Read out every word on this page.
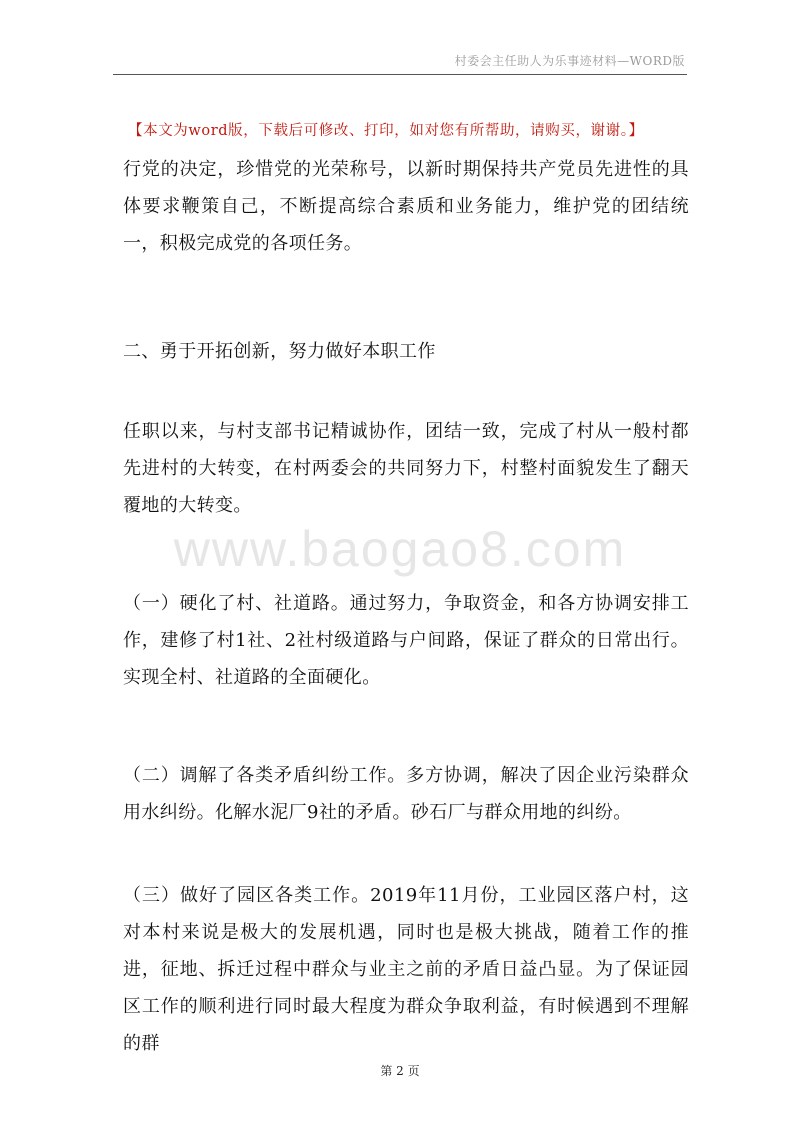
村委会主任助人为乐事迹材料—WORD版
【本文为word版，下载后可修改、打印，如对您有所帮助，请购买，谢谢。】

行党的决定，珍惜党的光荣称号，以新时期保持共产党员先进性的具体要求鞭策自己，不断提高综合素质和业务能力，维护党的团结统一，积极完成党的各项任务。

二、勇于开拓创新，努力做好本职工作

任职以来，与村支部书记精诚协作，团结一致，完成了村从一般村都先进村的大转变，在村两委会的共同努力下，村整村面貌发生了翻天覆地的大转变。

（一）硬化了村、社道路。通过努力，争取资金，和各方协调安排工作，建修了村1社、2社村级道路与户间路，保证了群众的日常出行。实现全村、社道路的全面硬化。

（二）调解了各类矛盾纠纷工作。多方协调，解决了因企业污染群众用水纠纷。化解水泥厂9社的矛盾。砂石厂与群众用地的纠纷。

（三）做好了园区各类工作。2019年11月份，工业园区落户村，这对本村来说是极大的发展机遇，同时也是极大挑战，随着工作的推进，征地、拆迁过程中群众与业主之前的矛盾日益凸显。为了保证园区工作的顺利进行同时最大程度为群众争取利益，有时候遇到不理解的群

www.baogao8.com
第 2 页
